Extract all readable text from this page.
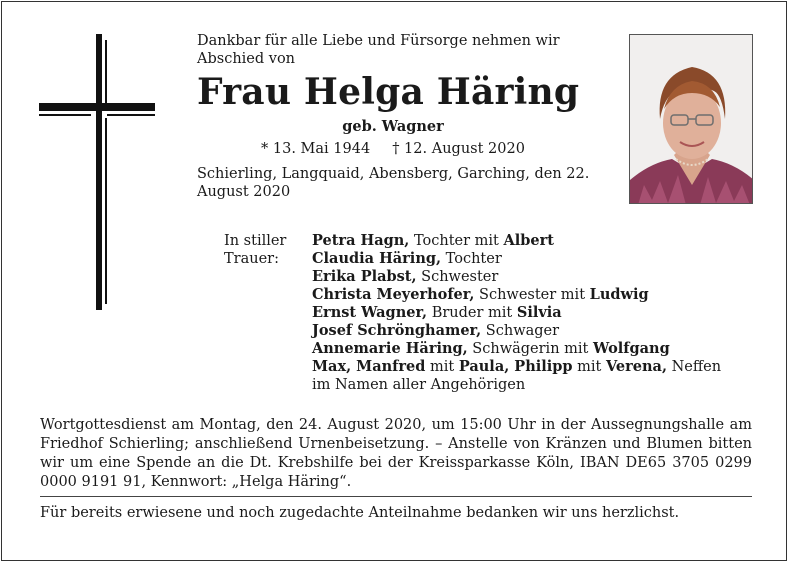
Dankbar für alle Liebe und Fürsorge nehmen wir Abschied von
Frau Helga Häring
geb. Wagner
* 13. Mai 1944 † 12. August 2020
Schierling, Langquaid, Abensberg, Garching, den 22. August 2020
In stiller
Trauer:
Petra Hagn, Tochter mit Albert
Claudia Häring, Tochter
Erika Plabst, Schwester
Christa Meyerhofer, Schwester mit Ludwig
Ernst Wagner, Bruder mit Silvia
Josef Schrönghamer, Schwager
Annemarie Häring, Schwägerin mit Wolfgang
Max, Manfred mit Paula, Philipp mit Verena, Neffen
im Namen aller Angehörigen
Wortgottesdienst am Montag, den 24. August 2020, um 15:00 Uhr in der Aussegnungshalle am Friedhof Schierling; anschließend Urnenbeisetzung. – Anstelle von Kränzen und Blumen bitten wir um eine Spende an die Dt. Krebshilfe bei der Kreissparkasse Köln, IBAN DE65 3705 0299 0000 9191 91, Kennwort: „Helga Häring“.
Für bereits erwiesene und noch zugedachte Anteilnahme bedanken wir uns herzlichst.
